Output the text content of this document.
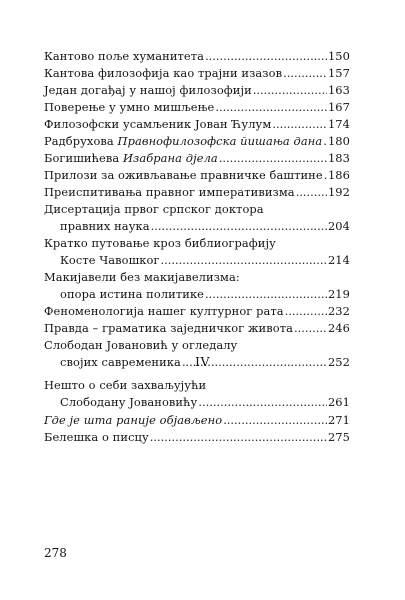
Кантово поље хуманитета .....	150
Кантова филозофија као трајни изазов .....	157
Један догађај у нашој филозофији .....	163
Поверење у умно мишљење .....	167
Филозофски усамљеник Јован Ћулум .....	174
Радбрухова Правнофилозофска йишања дана ..... 180
Богишићева Изабрана дјела .....	183
Прилози за оживљавање правничке баштине ..... 186
Преиспитивања правног императивизма .....	192
Дисертација првог српског доктора
правних наука .....	204
Кратко путовање кроз библиографију
Косте Чавошког .....	214
Макијавели без макијавелизма:
опора истина политике .....	219
Феноменологија нашег културног рата .....	232
Правда – граматика заједничког живота .....	246
Слободан Јовановић у огледалу
својих савременика .....	252
IV
Нешто о себи захваљујући
Слободану Јовановићу .....	261
Где је шта раније објављено .....	271
Белешка о писцу .....	275
278
